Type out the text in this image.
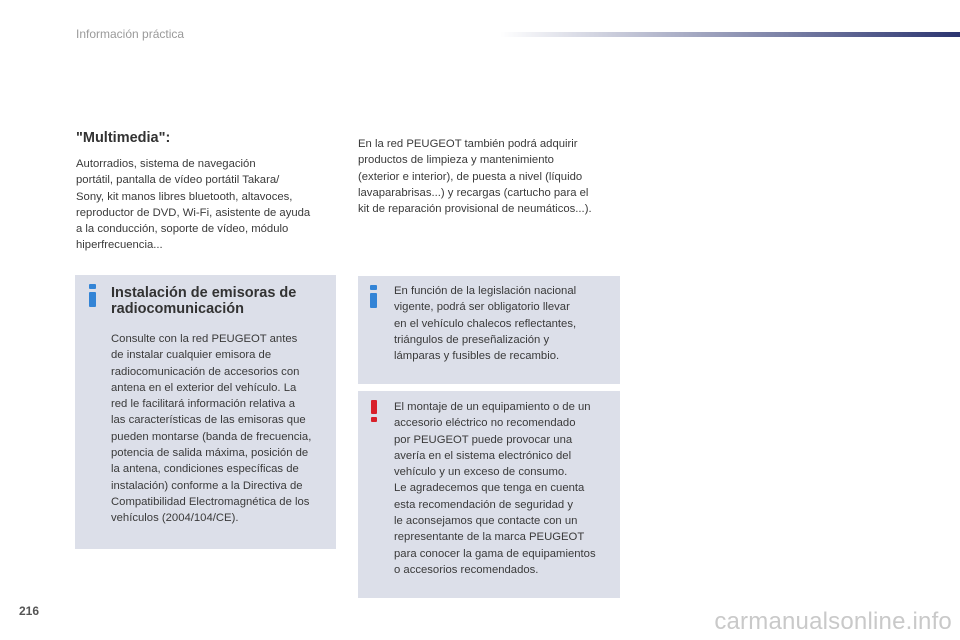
Información práctica
"Multimedia":
Autorradios, sistema de navegación
portátil, pantalla de vídeo portátil Takara/
Sony, kit manos libres bluetooth, altavoces,
reproductor de DVD, Wi-Fi, asistente de ayuda
a la conducción, soporte de vídeo, módulo
hiperfrecuencia...
En la red PEUGEOT también podrá adquirir
productos de limpieza y mantenimiento
(exterior e interior), de puesta a nivel (líquido
lavaparabrisas...) y recargas (cartucho para el
kit de reparación provisional de neumáticos...).
Instalación de emisoras de
radiocomunicación
Consulte con la red PEUGEOT antes
de instalar cualquier emisora de
radiocomunicación de accesorios con
antena en el exterior del vehículo. La
red le facilitará información relativa a
las características de las emisoras que
pueden montarse (banda de frecuencia,
potencia de salida máxima, posición de
la antena, condiciones específicas de
instalación) conforme a la Directiva de
Compatibilidad Electromagnética de los
vehículos (2004/104/CE).
En función de la legislación nacional
vigente, podrá ser obligatorio llevar
en el vehículo chalecos reflectantes,
triángulos de preseñalización y
lámparas y fusibles de recambio.
El montaje de un equipamiento o de un
accesorio eléctrico no recomendado
por PEUGEOT puede provocar una
avería en el sistema electrónico del
vehículo y un exceso de consumo.
Le agradecemos que tenga en cuenta
esta recomendación de seguridad y
le aconsejamos que contacte con un
representante de la marca PEUGEOT
para conocer la gama de equipamientos
o accesorios recomendados.
216	carmanualsonline.info
